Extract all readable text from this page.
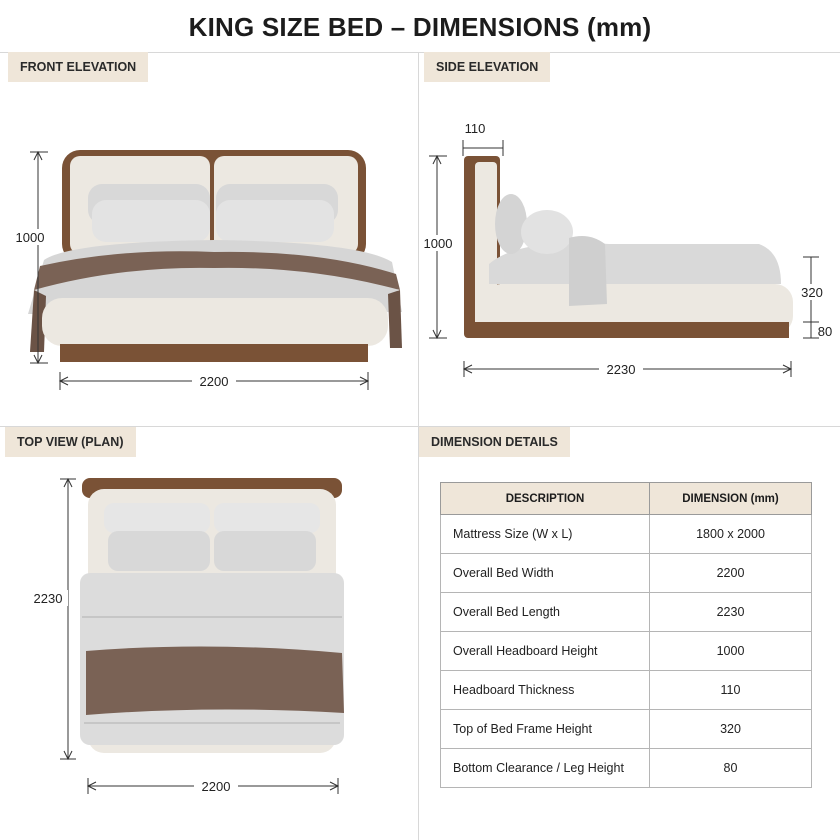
KING SIZE BED – DIMENSIONS (mm)
FRONT ELEVATION
1000
2200
SIDE ELEVATION
110
1000
320
80
2230
TOP VIEW (PLAN)
2230
2200
DIMENSION DETAILS
DESCRIPTION	DIMENSION (mm)
Mattress Size (W x L)	1800 x 2000
Overall Bed Width	2200
Overall Bed Length	2230
Overall Headboard Height	1000
Headboard Thickness	110
Top of Bed Frame Height	320
Bottom Clearance / Leg Height	80
